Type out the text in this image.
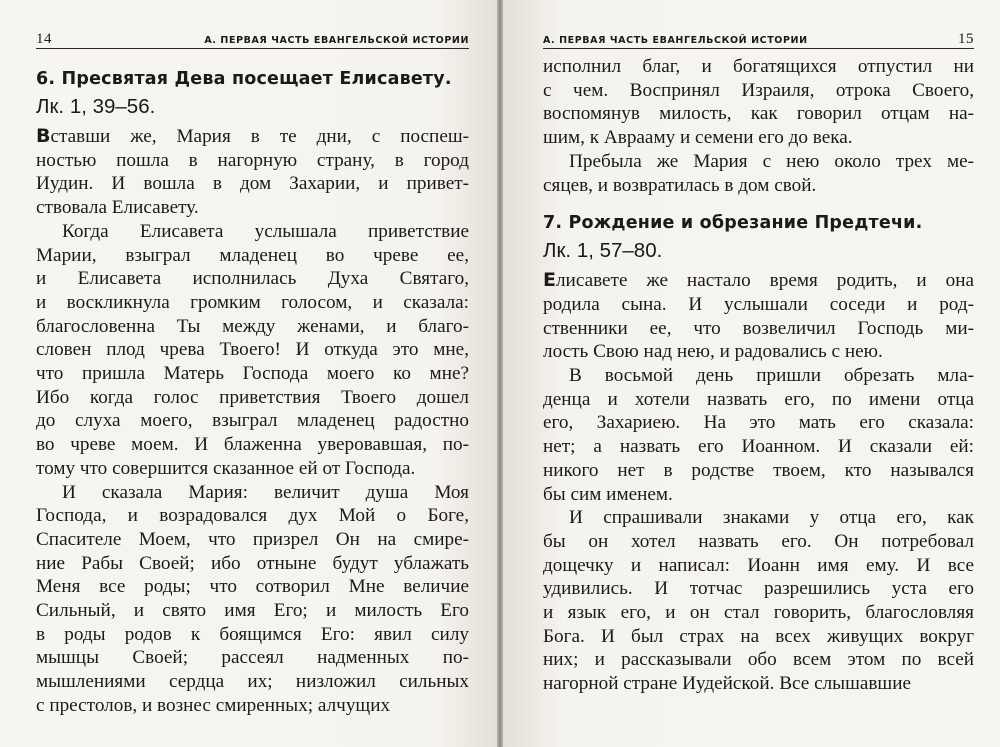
14	А. ПЕРВАЯ ЧАСТЬ ЕВАНГЕЛЬСКОЙ ИСТОРИИ
6. Пресвятая Дева посещает Елисавету.
Лк. 1, 39–56.

Вставши же, Мария в те дни, с поспеш-
ностью пошла в нагорную страну, в город
Иудин. И вошла в дом Захарии, и привет-
ствовала Елисавету.

Когда Елисавета услышала приветствие
Марии, взыграл младенец во чреве ее,
и Елисавета исполнилась Духа Святаго,
и воскликнула громким голосом, и сказала:
благословенна Ты между женами, и благо-
словен плод чрева Твоего! И откуда это мне,
что пришла Матерь Господа моего ко мне?
Ибо когда голос приветствия Твоего дошел
до слуха моего, взыграл младенец радостно
во чреве моем. И блаженна уверовавшая, по-
тому что совершится сказанное ей от Господа.

И сказала Мария: величит душа Моя
Господа, и возрадовался дух Мой о Боге,
Спасителе Моем, что призрел Он на смире-
ние Рабы Своей; ибо отныне будут ублажать
Меня все роды; что сотворил Мне величие
Сильный, и свято имя Его; и милость Его
в роды родов к боящимся Его: явил силу
мышцы Своей; рассеял надменных по-
мышлениями сердца их; низложил сильных
с престолов, и вознес смиренных; алчущих

А. ПЕРВАЯ ЧАСТЬ ЕВАНГЕЛЬСКОЙ ИСТОРИИ	15

исполнил благ, и богатящихся отпустил ни
с чем. Воспринял Израиля, отрока Своего,
воспомянув милость, как говорил отцам на-
шим, к Аврааму и семени его до века.

Пребыла же Мария с нею около трех ме-
сяцев, и возвратилась в дом свой.

7. Рождение и обрезание Предтечи.
Лк. 1, 57–80.

Елисавете же настало время родить, и она
родила сына. И услышали соседи и род-
ственники ее, что возвеличил Господь ми-
лость Свою над нею, и радовались с нею.

В восьмой день пришли обрезать мла-
денца и хотели назвать его, по имени отца
его, Захариею. На это мать его сказала:
нет; а назвать его Иоанном. И сказали ей:
никого нет в родстве твоем, кто назывался
бы сим именем.

И спрашивали знаками у отца его, как
бы он хотел назвать его. Он потребовал
дощечку и написал: Иоанн имя ему. И все
удивились. И тотчас разрешились уста его
и язык его, и он стал говорить, благословляя
Бога. И был страх на всех живущих вокруг
них; и рассказывали обо всем этом по всей
нагорной стране Иудейской. Все слышавшие
